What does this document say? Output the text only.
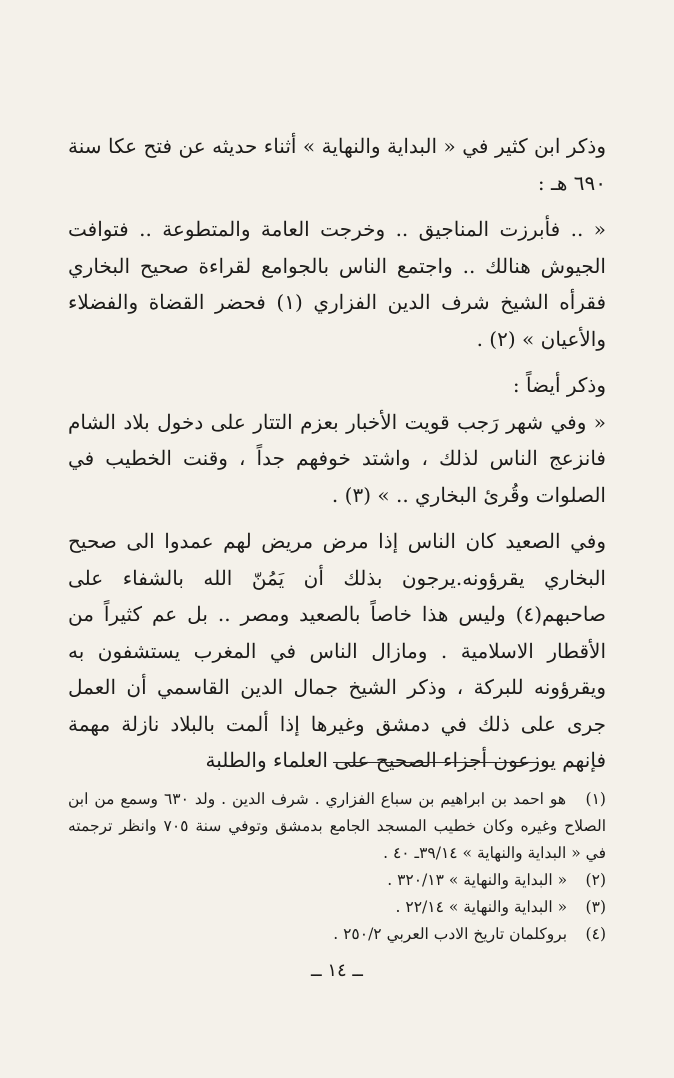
وذكر ابن كثير في « البداية والنهاية » أثناء حديثه عن فتح عكا سنة ٦٩٠ هـ :

« .. فأبرزت المناجيق .. وخرجت العامة والمتطوعة .. فتوافت الجيوش هنالك .. واجتمع الناس بالجوامع لقراءة صحيح البخاري فقرأه الشيخ شرف الدين الفزاري (١) فحضر القضاة والفضلاء والأعيان » (٢) .

وذكر أيضاً :

« وفي شهر رَجب قويت الأخبار بعزم التتار على دخول بلاد الشام فانزعج الناس لذلك ، واشتد خوفهم جداً ، وقنت الخطيب في الصلوات وقُرئ البخاري .. » (٣) .

وفي الصعيد كان الناس إذا مرض مريض لهم عمدوا الى صحيح البخاري يقرؤونه.يرجون بذلك أن يَمُنّ الله بالشفاء على صاحبهم(٤) وليس هذا خاصاً بالصعيد ومصر .. بل عم كثيراً من الأقطار الاسلامية . ومازال الناس في المغرب يستشفون به ويقرؤونه للبركة ، وذكر الشيخ جمال الدين القاسمي أن العمل جرى على ذلك في دمشق وغيرها إذا ألمت بالبلاد نازلة مهمة فإنهم يوزعون أجزاء الصحيح على العلماء والطلبة

(١) هو احمد بن ابراهيم بن سباع الفزاري . شرف الدين . ولد ٦٣٠ وسمع من ابن الصلاح وغيره وكان خطيب المسجد الجامع بدمشق وتوفي سنة ٧٠٥ وانظر ترجمته في « البداية والنهاية » ٣٩/١٤ـ ٤٠ .

(٢) « البداية والنهاية » ٣٢٠/١٣ .

(٣) « البداية والنهاية » ٢٢/١٤ .

(٤) بروكلمان تاريخ الادب العربي ٢٥٠/٢ .

ــ ١٤ ــ
